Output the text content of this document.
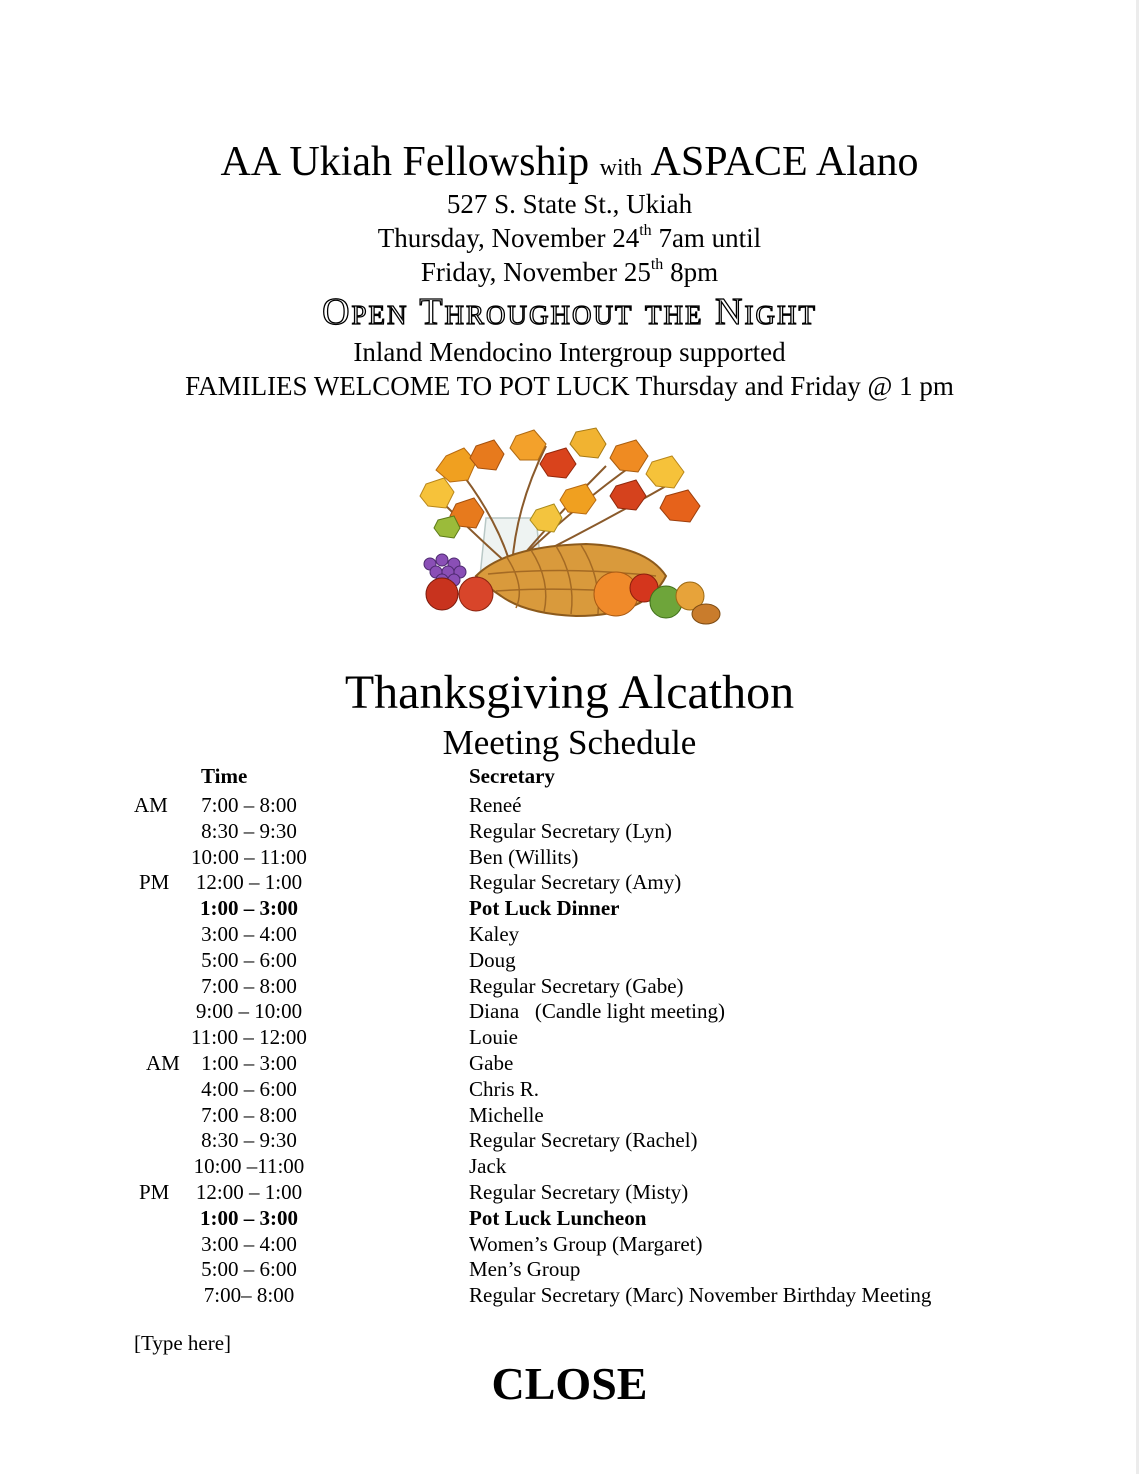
AA Ukiah Fellowship with ASPACE Alano
527 S. State St., Ukiah
Thursday, November 24th 7am until
Friday, November 25th 8pm
Open Throughout the Night
Inland Mendocino Intergroup supported
FAMILIES WELCOME TO POT LUCK Thursday and Friday @ 1 pm
Thanksgiving Alcathon
Meeting Schedule
Time	Secretary
AM	7:00 – 8:00	Reneé
8:30 – 9:30	Regular Secretary (Lyn)
10:00 – 11:00	Ben (Willits)
PM	12:00 – 1:00	Regular Secretary (Amy)
1:00 – 3:00	Pot Luck Dinner
3:00 – 4:00	Kaley
5:00 – 6:00	Doug
7:00 – 8:00	Regular Secretary (Gabe)
9:00 – 10:00	Diana   (Candle light meeting)
11:00 – 12:00	Louie
AM	1:00 – 3:00	Gabe
4:00 – 6:00	Chris R.
7:00 – 8:00	Michelle
8:30 – 9:30	Regular Secretary (Rachel)
10:00 –11:00	Jack
PM	12:00 – 1:00	Regular Secretary (Misty)
1:00 – 3:00	Pot Luck Luncheon
3:00 – 4:00	Women’s Group (Margaret)
5:00 – 6:00	Men’s Group
7:00– 8:00	Regular Secretary (Marc) November Birthday Meeting
[Type here]
CLOSE
